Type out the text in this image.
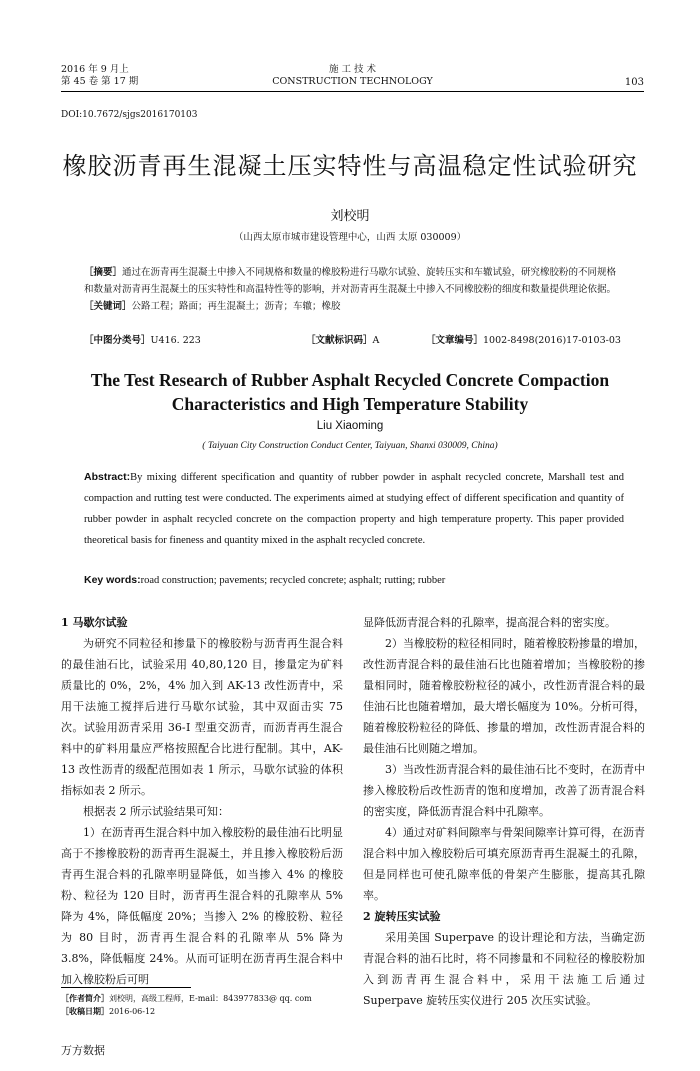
2016 年 9 月上
第 45 卷 第 17 期
施 工 技 术
CONSTRUCTION TECHNOLOGY	103
DOI:10.7672/sjgs2016170103
橡胶沥青再生混凝土压实特性与高温稳定性试验研究
刘校明
（山西太原市城市建设管理中心，山西 太原 030009）
［摘要］通过在沥青再生混凝土中掺入不同规格和数量的橡胶粉进行马歇尔试验、旋转压实和车辙试验，研究橡胶粉的不同规格和数量对沥青再生混凝土的压实特性和高温特性等的影响，并对沥青再生混凝土中掺入不同橡胶粉的细度和数量提供理论依据。
［关键词］公路工程；路面；再生混凝土；沥青；车辙；橡胶
［中图分类号］U416. 223	［文献标识码］A	［文章编号］1002-8498(2016)17-0103-03
The Test Research of Rubber Asphalt Recycled Concrete Compaction Characteristics and High Temperature Stability
Liu Xiaoming
( Taiyuan City Construction Conduct Center, Taiyuan, Shanxi 030009, China)
Abstract:By mixing different specification and quantity of rubber powder in asphalt recycled concrete, Marshall test and compaction and rutting test were conducted. The experiments aimed at studying effect of different specification and quantity of rubber powder in asphalt recycled concrete on the compaction property and high temperature property. This paper provided theoretical basis for fineness and quantity mixed in the asphalt recycled concrete.
Key words:road construction; pavements; recycled concrete; asphalt; rutting; rubber
1 马歇尔试验

为研究不同粒径和掺量下的橡胶粉与沥青再生混合料的最佳油石比，试验采用 40,80,120 目，掺量定为矿料质量比的 0%，2%，4% 加入到 AK-13 改性沥青中，采用干法施工搅拌后进行马歇尔试验，其中双面击实 75 次。试验用沥青采用 36-Ⅰ 型重交沥青，而沥青再生混合料中的矿料用量应严格按照配合比进行配制。其中，AK-13 改性沥青的级配范围如表 1 所示，马歇尔试验的体积指标如表 2 所示。

根据表 2 所示试验结果可知：

1）在沥青再生混合料中加入橡胶粉的最佳油石比明显高于不掺橡胶粉的沥青再生混凝土，并且掺入橡胶粉后沥青再生混合料的孔隙率明显降低，如当掺入 4% 的橡胶粉、粒径为 120 目时，沥青再生混合料的孔隙率从 5% 降为 4%，降低幅度 20%；当掺入 2% 的橡胶粉、粒径为 80 目时，沥青再生混合料的孔隙率从 5% 降为 3.8%，降低幅度 24%。从而可证明在沥青再生混合料中加入橡胶粉后可明

显降低沥青混合料的孔隙率，提高混合料的密实度。

2）当橡胶粉的粒径相同时，随着橡胶粉掺量的增加，改性沥青混合料的最佳油石比也随着增加；当橡胶粉的掺量相同时，随着橡胶粉粒径的减小，改性沥青混合料的最佳油石比也随着增加，最大增长幅度为 10%。分析可得，随着橡胶粉粒径的降低、掺量的增加，改性沥青混合料的最佳油石比则随之增加。

3）当改性沥青混合料的最佳油石比不变时，在沥青中掺入橡胶粉后改性沥青的饱和度增加，改善了沥青混合料的密实度，降低沥青混合料中孔隙率。

4）通过对矿料间隙率与骨架间隙率计算可得，在沥青混合料中加入橡胶粉后可填充原沥青再生混凝土的孔隙，但是同样也可使孔隙率低的骨架产生膨胀，提高其孔隙率。

2 旋转压实试验

采用美国 Superpave 的设计理论和方法，当确定沥青混合料的油石比时，将不同掺量和不同粒径的橡胶粉加入到沥青再生混合料中，采用干法施工后通过 Superpave 旋转压实仪进行 205 次压实试验。

［作者简介］刘校明，高级工程师，E-mail：843977833@ qq. com
［收稿日期］2016-06-12
万方数据
